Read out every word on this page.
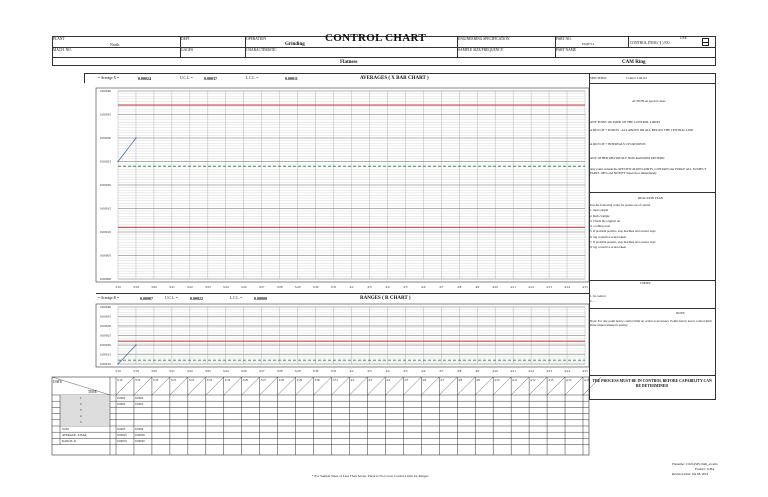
CONTROL CHART
PLANT
North
DEPT	OPERATION
Grinding
ENGINEERING SPECIFICATION	PART NO.
PX00714
USE
CONTROL ITEM ( § ) NO.
MACH. NO.	GAGES	CHARACTERISTIC	SAMPLE SIZE/FREQUENCY	PART NAME
Flatness	CAM Ring
= Average X =	0.00024	U.C.L. =	0.00037	L.C.L. =	0.00011	AVERAGES ( X BAR CHART )
0.00040
0.00035
0.00030
0.00025
0.00020
0.00015
0.00010
0.00005
0.00000
3/16	3/19	3/20	3/21	3/22	3/23	3/24	3/26	3/27	3/28	3/29	3/30	3/31	4/2	4/3	4/4	4/5	4/6	4/7	4/8	4/9	4/10	4/11	4/12	4/13	4/14	4/15
= Average R =	0.00007	U.C.L. =	0.00022	L.C.L. =	0.00000	RANGES ( R CHART )
0.00040
0.00035
0.00030
0.00025
0.00020
0.00015
0.00010
3/16	3/19	3/20	3/21	3/22	3/23	3/24	3/26	3/27	3/28	3/29	3/30	3/31	4/2	4/3	4/4	4/5	4/6	4/7	4/8	4/9	4/10	4/11	4/12	4/13	4/14	4/15
SPECIFIED:	Control 3.0E-04
ACTION on special cause
ANY POINT OUTSIDE OF THE CONTROL LIMITS
A RUN OF 7 POINTS - ALL ABOVE OR ALL BELOW THE CENTRAL LINE
A RUN OF 7 INTERVALS UP OR DOWN
ANY OTHER OBVIOUSLY NON-RANDOM PATTERN
Any point outside the SPECIFICATION LIMITS, CONTAIN and PURGE ALL SUSPECT PARTS 100% and NOTIFY Supervisor immediately
REACTION PLAN
Use the following codes for points out of control
1. more output
2. Redo Sample
3. Check the original set
4. a rolling reset
5. If problem persists, stop machine and contact supv
6. log corrective action taken
7. If problem persists, stop machine and contact supv
8. log corrective action taken
CODES
1. In control
2. ...
NOTE:
Note: For any point below control limit no action is necessary. Points below lower control limit show improvement in quality.
THE PROCESS MUST BE IN CONTROL BEFORE CAPABILITY CAN BE DETERMINED
3/16	3/19	3/20	3/21	3/22	3/23	3/24	3/26	3/27	3/28	3/29	3/30	3/31	4/2	4/3	4/4	4/5	4/6	4/7	4/8	4/9	4/10	4/11	4/12	4/13	4/14	4/15
DATE
TIME
1	0.0002	0.0004
2	0.0003	0.0002
3
4
5
SUM	0.0005	0.0006
AVERAGE, X BAR	0.00025	0.00030
RANGE, R	0.00010	0.00020
* For Sample Sizes of Less Than Seven, There is No Lower Control Limit for Ranges
Filename: 131014SPCchtnl_ex.xlsx
Product: X-Bar
Revision Date: Jun 08, 2016
